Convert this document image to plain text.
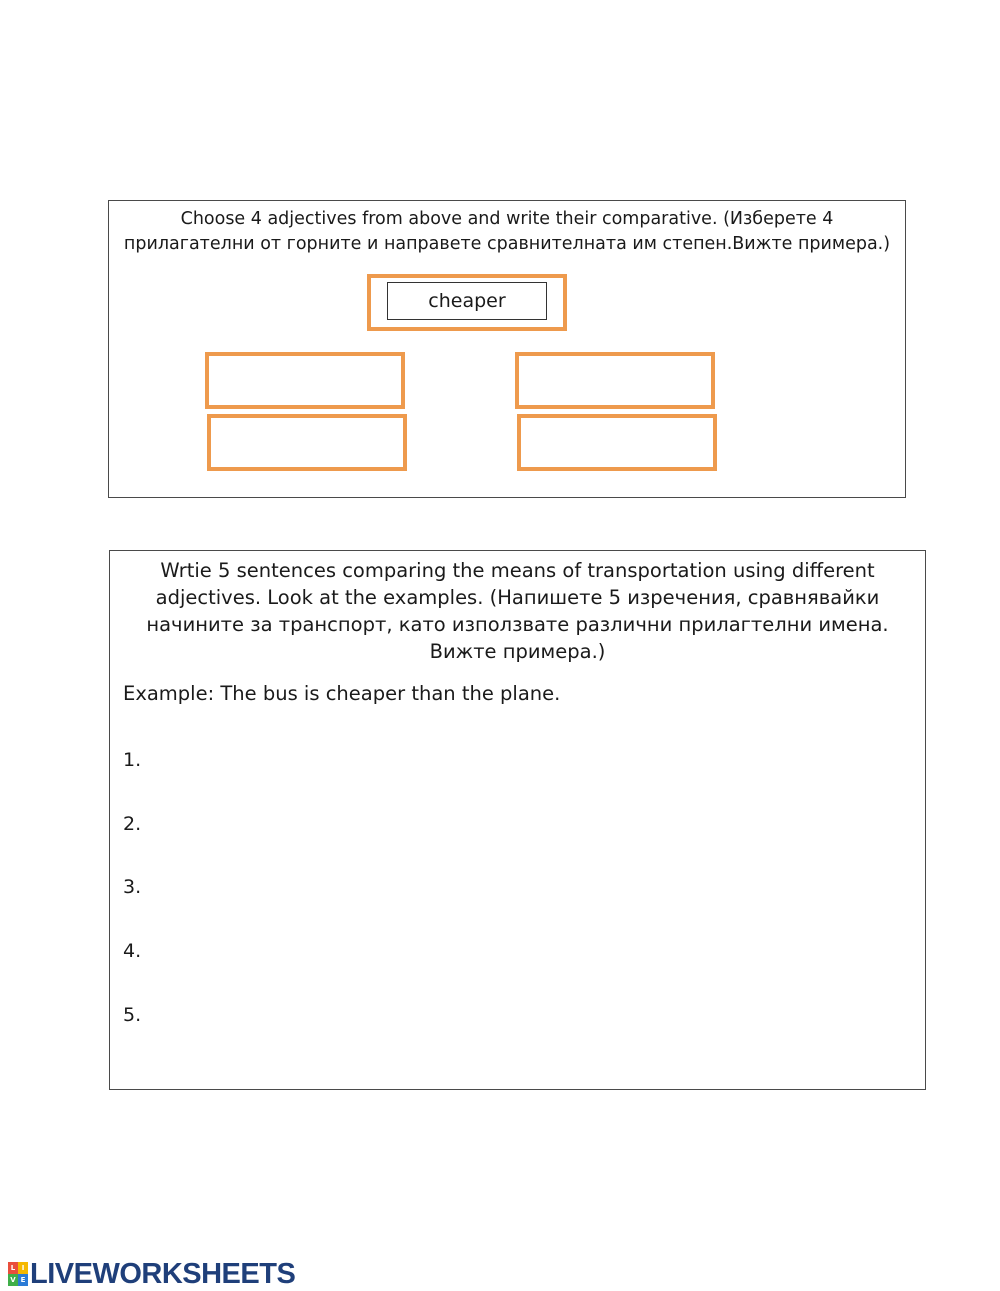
Choose 4 adjectives from above and write their comparative. (Изберете 4 прилагателни от горните и направете сравнителната им степен.Вижте примера.)
cheaper
Wrtie 5 sentences comparing the means of transportation using different adjectives. Look at the examples. (Напишете 5 изречения, сравнявайки начините за транспорт, като използвате различни прилагтелни имена. Вижте примера.)
Example: The bus is cheaper than the plane.
1.
2.
3.
4.
5.
L I
V E LIVEWORKSHEETS
